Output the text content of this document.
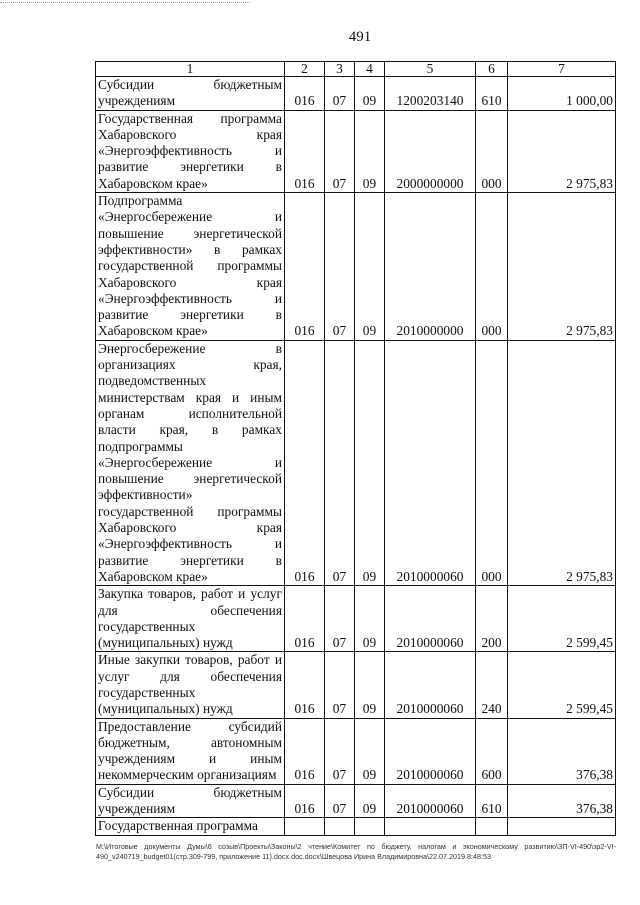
491
1	2	3	4	5	6	7
Субсидии бюджетным учреждениям	016	07	09	1200203140	610	1 000,00
Государственная программа Хабаровского края «Энергоэффективность и развитие энергетики в Хабаровском крае»	016	07	09	2000000000	000	2 975,83
Подпрограмма «Энергосбережение и повышение энергетической эффективности» в рамках государственной программы Хабаровского края «Энергоэффективность и развитие энергетики в Хабаровском крае»	016	07	09	2010000000	000	2 975,83
Энергосбережение в организациях края, подведомственных министерствам края и иным органам исполнительной власти края, в рамках подпрограммы «Энергосбережение и повышение энергетической эффективности» государственной программы Хабаровского края «Энергоэффективность и развитие энергетики в Хабаровском крае»	016	07	09	2010000060	000	2 975,83
Закупка товаров, работ и услуг для обеспечения государственных (муниципальных) нужд	016	07	09	2010000060	200	2 599,45
Иные закупки товаров, работ и услуг для обеспечения государственных (муниципальных) нужд	016	07	09	2010000060	240	2 599,45
Предоставление субсидий бюджетным, автономным учреждениям и иным некоммерческим организациям	016	07	09	2010000060	600	376,38
Субсидии бюджетным учреждениям	016	07	09	2010000060	610	376,38
Государственная программа						
М:\Итоговые документы Думы\6 созыв\Проекты\Законы\2 чтение\Комитет по бюджету, налогам и экономическому развитию\ЗП-VI-490\зр2-VI-490_v240719_budget01(стр.309-799, приложение 11).docx.doc.docx\Швецова Ирина Владимировна\22.07.2019 8:48:53
